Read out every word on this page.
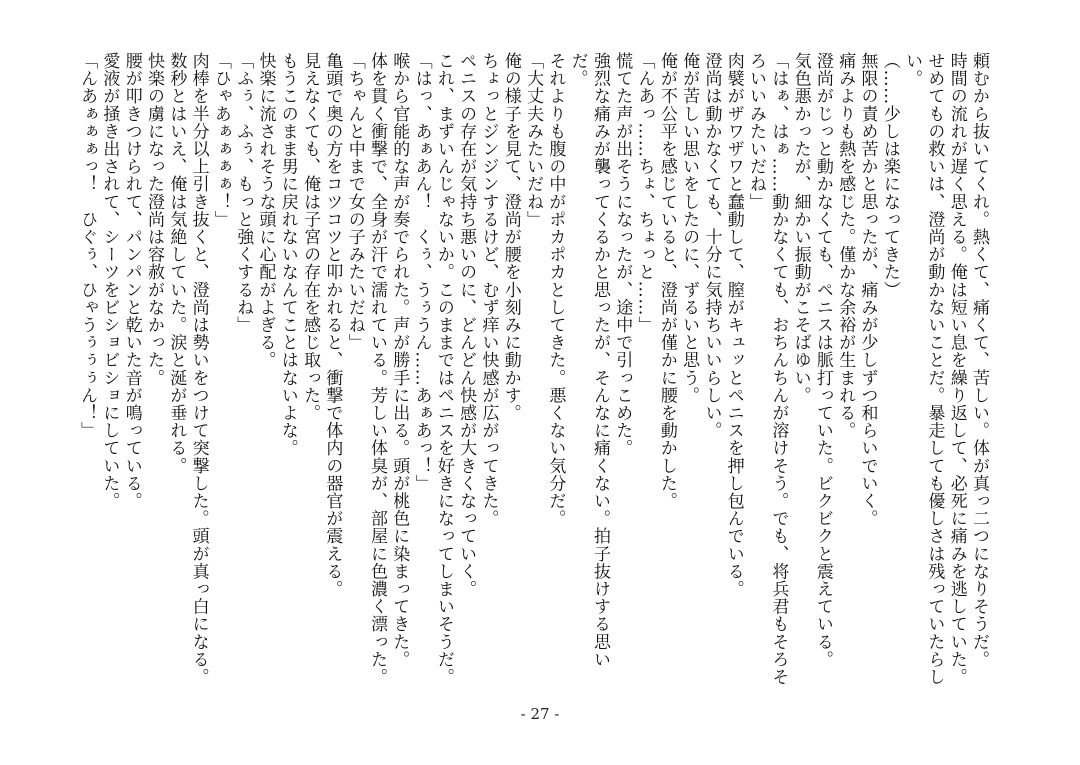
頼むから抜いてくれ。熱くて、痛くて、苦しい。体が真っ二つになりそうだ。
時間の流れが遅く思える。俺は短い息を繰り返して、必死に痛みを逃していた。
せめてもの救いは、澄尚が動かないことだ。暴走しても優しさは残っていたらしい。
（……少しは楽になってきた）
無限の責め苦かと思ったが、痛みが少しずつ和らいでいく。
痛みよりも熱を感じた。僅かな余裕が生まれる。
澄尚がじっと動かなくても、ペニスは脈打っていた。ビクビクと震えている。
気色悪かったが、細かい振動がこそばゆい。
「はぁ、はぁ……動かなくても、おちんちんが溶けそう。でも、将兵君もそろそろいいみたいだね」
肉襞がザワザワと蠢動して、膣がキュッとペニスを押し包んでいる。
澄尚は動かなくても、十分に気持ちいいらしい。
俺が苦しい思いをしたのに、ずるいと思う。
俺が不公平を感じていると、澄尚が僅かに腰を動かした。
「んあっ……ちょ、ちょっと……」
慌てた声が出そうになったが、途中で引っこめた。
強烈な痛みが襲ってくるかと思ったが、そんなに痛くない。拍子抜けする思いだ。
それよりも腹の中がポカポカとしてきた。悪くない気分だ。
「大丈夫みたいだね」
俺の様子を見て、澄尚が腰を小刻みに動かす。
ちょっとジンジンするけど、むず痒い快感が広がってきた。
ペニスの存在が気持ち悪いのに、どんどん快感が大きくなっていく。
これ、まずいんじゃないか。このままではペニスを好きになってしまいそうだ。
「はっ、あぁあん！　くぅ、うぅうん……あぁあっ！」
喉から官能的な声が奏でられた。声が勝手に出る。頭が桃色に染まってきた。
体を貫く衝撃で、全身が汗で濡れている。芳しい体臭が、部屋に色濃く漂った。
「ちゃんと中まで女の子みたいだね」
亀頭で奥の方をコツコツと叩かれると、衝撃で体内の器官が震える。
見えなくても、俺は子宮の存在を感じ取った。
もうこのまま男に戻れないなんてことはないよな。
快楽に流されそうな頭に心配がよぎる。
「ふぅ、ふぅ、もっと強くするね」
「ひゃあぁぁぁぁ！」
肉棒を半分以上引き抜くと、澄尚は勢いをつけて突撃した。頭が真っ白になる。
数秒とはいえ、俺は気絶していた。涙と涎が垂れる。
快楽の虜になった澄尚は容赦がなかった。
腰が叩きつけられて、パンパンと乾いた音が鳴っている。
愛液が掻き出されて、シーツをビショビショにしていた。
「んあぁぁぁっ！　ひぐぅ、ひゃうぅぅぅん！」
- 27 -
